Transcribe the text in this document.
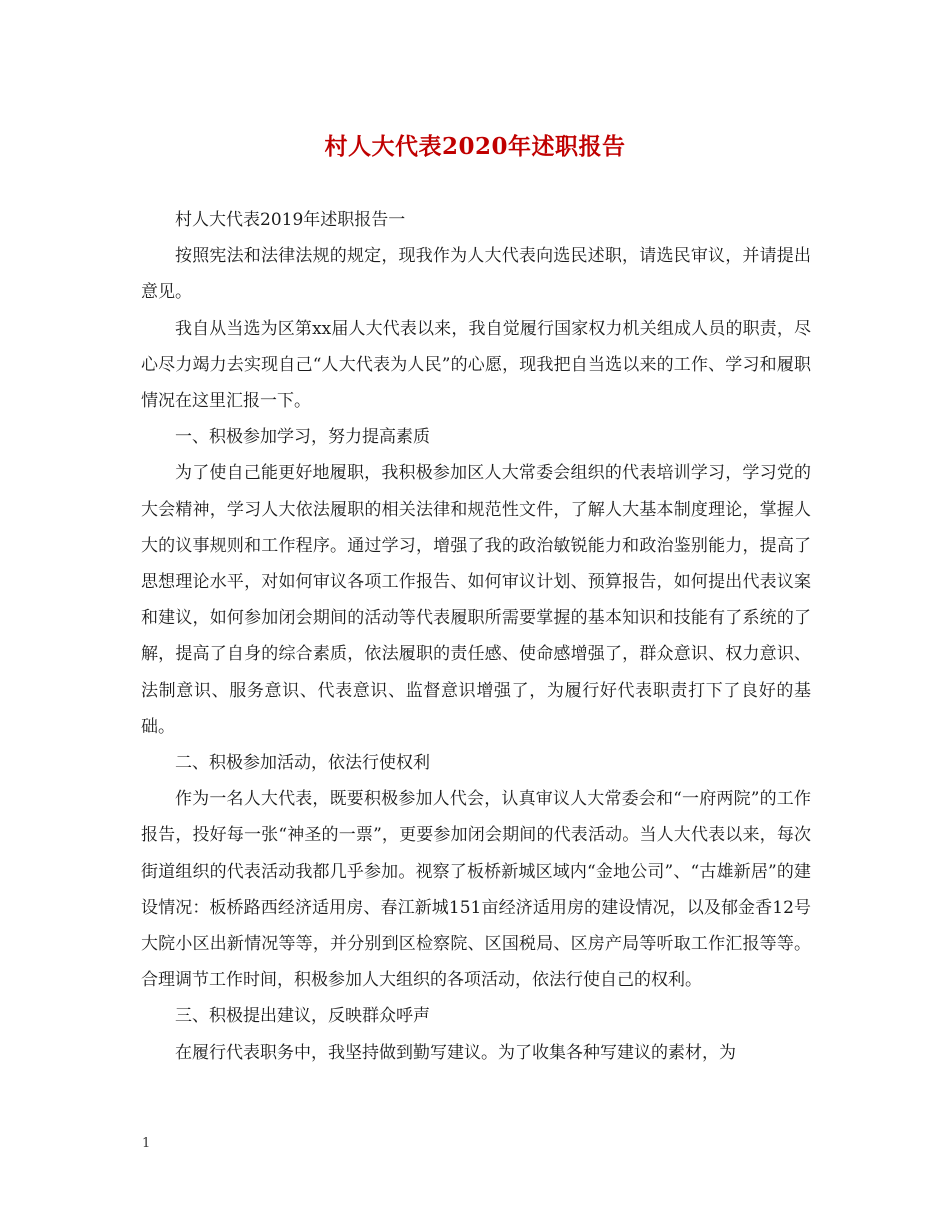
村人大代表2020年述职报告

村人大代表2019年述职报告一

按照宪法和法律法规的规定，现我作为人大代表向选民述职，请选民审议，并请提出意见。

我自从当选为区第xx届人大代表以来，我自觉履行国家权力机关组成人员的职责，尽心尽力竭力去实现自己“人大代表为人民”的心愿，现我把自当选以来的工作、学习和履职情况在这里汇报一下。

一、积极参加学习，努力提高素质

为了使自己能更好地履职，我积极参加区人大常委会组织的代表培训学习，学习党的大会精神，学习人大依法履职的相关法律和规范性文件，了解人大基本制度理论，掌握人大的议事规则和工作程序。通过学习，增强了我的政治敏锐能力和政治鉴别能力，提高了思想理论水平，对如何审议各项工作报告、如何审议计划、预算报告，如何提出代表议案和建议，如何参加闭会期间的活动等代表履职所需要掌握的基本知识和技能有了系统的了解，提高了自身的综合素质，依法履职的责任感、使命感增强了，群众意识、权力意识、法制意识、服务意识、代表意识、监督意识增强了，为履行好代表职责打下了良好的基础。

二、积极参加活动，依法行使权利

作为一名人大代表，既要积极参加人代会，认真审议人大常委会和“一府两院”的工作报告，投好每一张“神圣的一票”，更要参加闭会期间的代表活动。当人大代表以来，每次街道组织的代表活动我都几乎参加。视察了板桥新城区域内“金地公司”、“古雄新居”的建设情况：板桥路西经济适用房、春江新城151亩经济适用房的建设情况，以及郁金香12号大院小区出新情况等等，并分别到区检察院、区国税局、区房产局等听取工作汇报等等。合理调节工作时间，积极参加人大组织的各项活动，依法行使自己的权利。

三、积极提出建议，反映群众呼声

在履行代表职务中，我坚持做到勤写建议。为了收集各种写建议的素材，为

1
